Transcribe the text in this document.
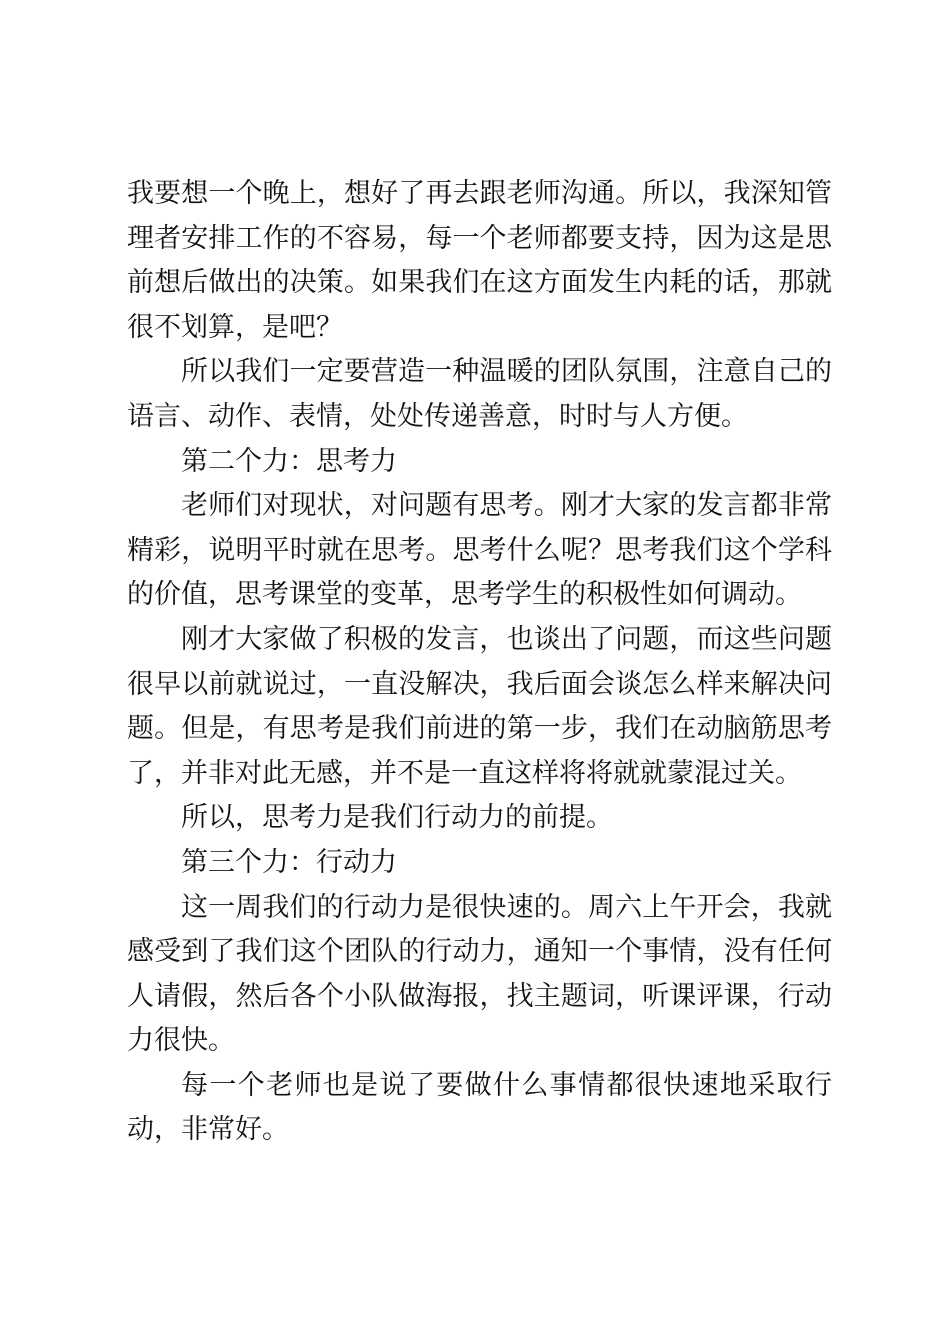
我要想一个晚上，想好了再去跟老师沟通。所以，我深知管理者安排工作的不容易，每一个老师都要支持，因为这是思前想后做出的决策。如果我们在这方面发生内耗的话，那就很不划算，是吧？

所以我们一定要营造一种温暖的团队氛围，注意自己的语言、动作、表情，处处传递善意，时时与人方便。

第二个力：思考力

老师们对现状，对问题有思考。刚才大家的发言都非常精彩，说明平时就在思考。思考什么呢？思考我们这个学科的价值，思考课堂的变革，思考学生的积极性如何调动。

刚才大家做了积极的发言，也谈出了问题，而这些问题很早以前就说过，一直没解决，我后面会谈怎么样来解决问题。但是，有思考是我们前进的第一步，我们在动脑筋思考了，并非对此无感，并不是一直这样将将就就蒙混过关。

所以，思考力是我们行动力的前提。

第三个力：行动力

这一周我们的行动力是很快速的。周六上午开会，我就感受到了我们这个团队的行动力，通知一个事情，没有任何人请假，然后各个小队做海报，找主题词，听课评课，行动力很快。

每一个老师也是说了要做什么事情都很快速地采取行动，非常好。
